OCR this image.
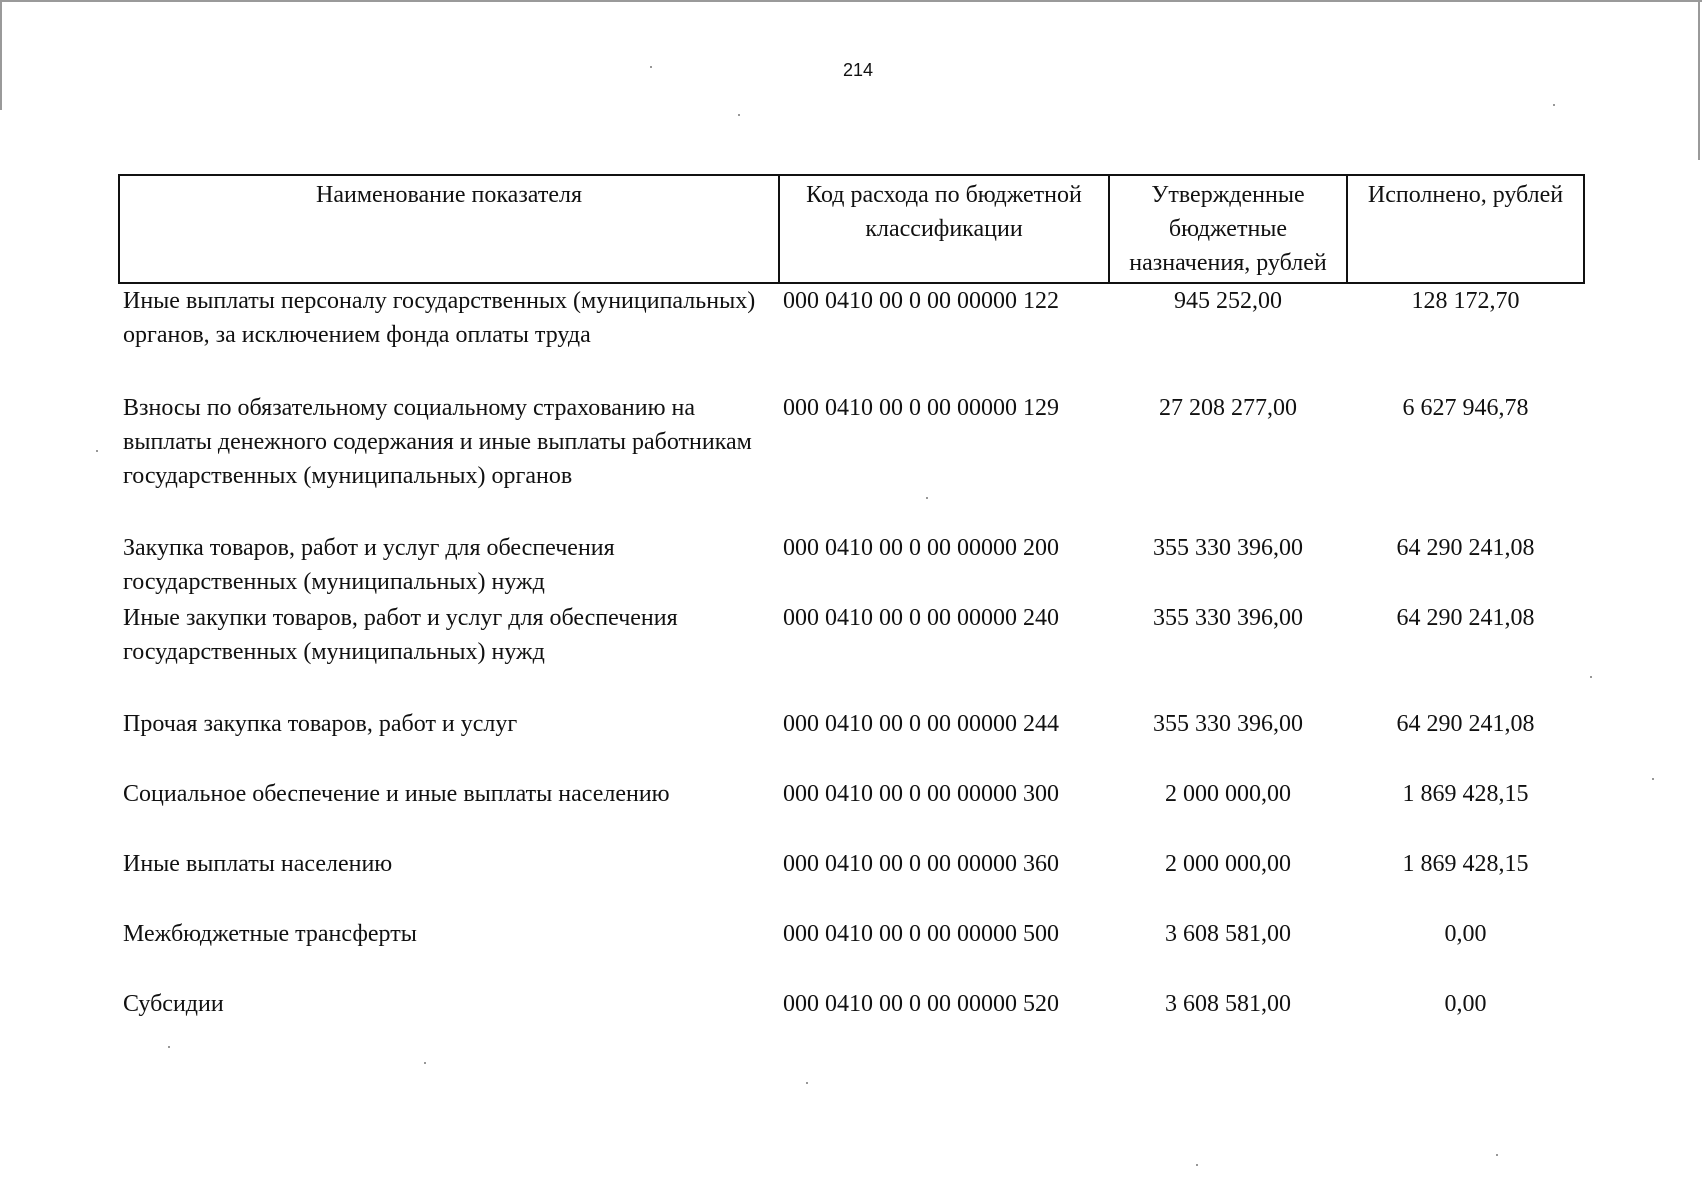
214
Наименование показателя	Код расхода по бюджетной классификации	Утвержденные бюджетные назначения, рублей	Исполнено, рублей
Иные выплаты персоналу государственных (муниципальных) органов, за исключением фонда оплаты труда	000 0410 00 0 00 00000 122	945 252,00	128 172,70
Взносы по обязательному социальному страхованию на выплаты денежного содержания и иные выплаты работникам государственных (муниципальных) органов	000 0410 00 0 00 00000 129	27 208 277,00	6 627 946,78
Закупка товаров, работ и услуг для обеспечения государственных (муниципальных) нужд	000 0410 00 0 00 00000 200	355 330 396,00	64 290 241,08
Иные закупки товаров, работ и услуг для обеспечения государственных (муниципальных) нужд	000 0410 00 0 00 00000 240	355 330 396,00	64 290 241,08
Прочая закупка товаров, работ и услуг	000 0410 00 0 00 00000 244	355 330 396,00	64 290 241,08
Социальное обеспечение и иные выплаты населению	000 0410 00 0 00 00000 300	2 000 000,00	1 869 428,15
Иные выплаты населению	000 0410 00 0 00 00000 360	2 000 000,00	1 869 428,15
Межбюджетные трансферты	000 0410 00 0 00 00000 500	3 608 581,00	0,00
Субсидии	000 0410 00 0 00 00000 520	3 608 581,00	0,00
